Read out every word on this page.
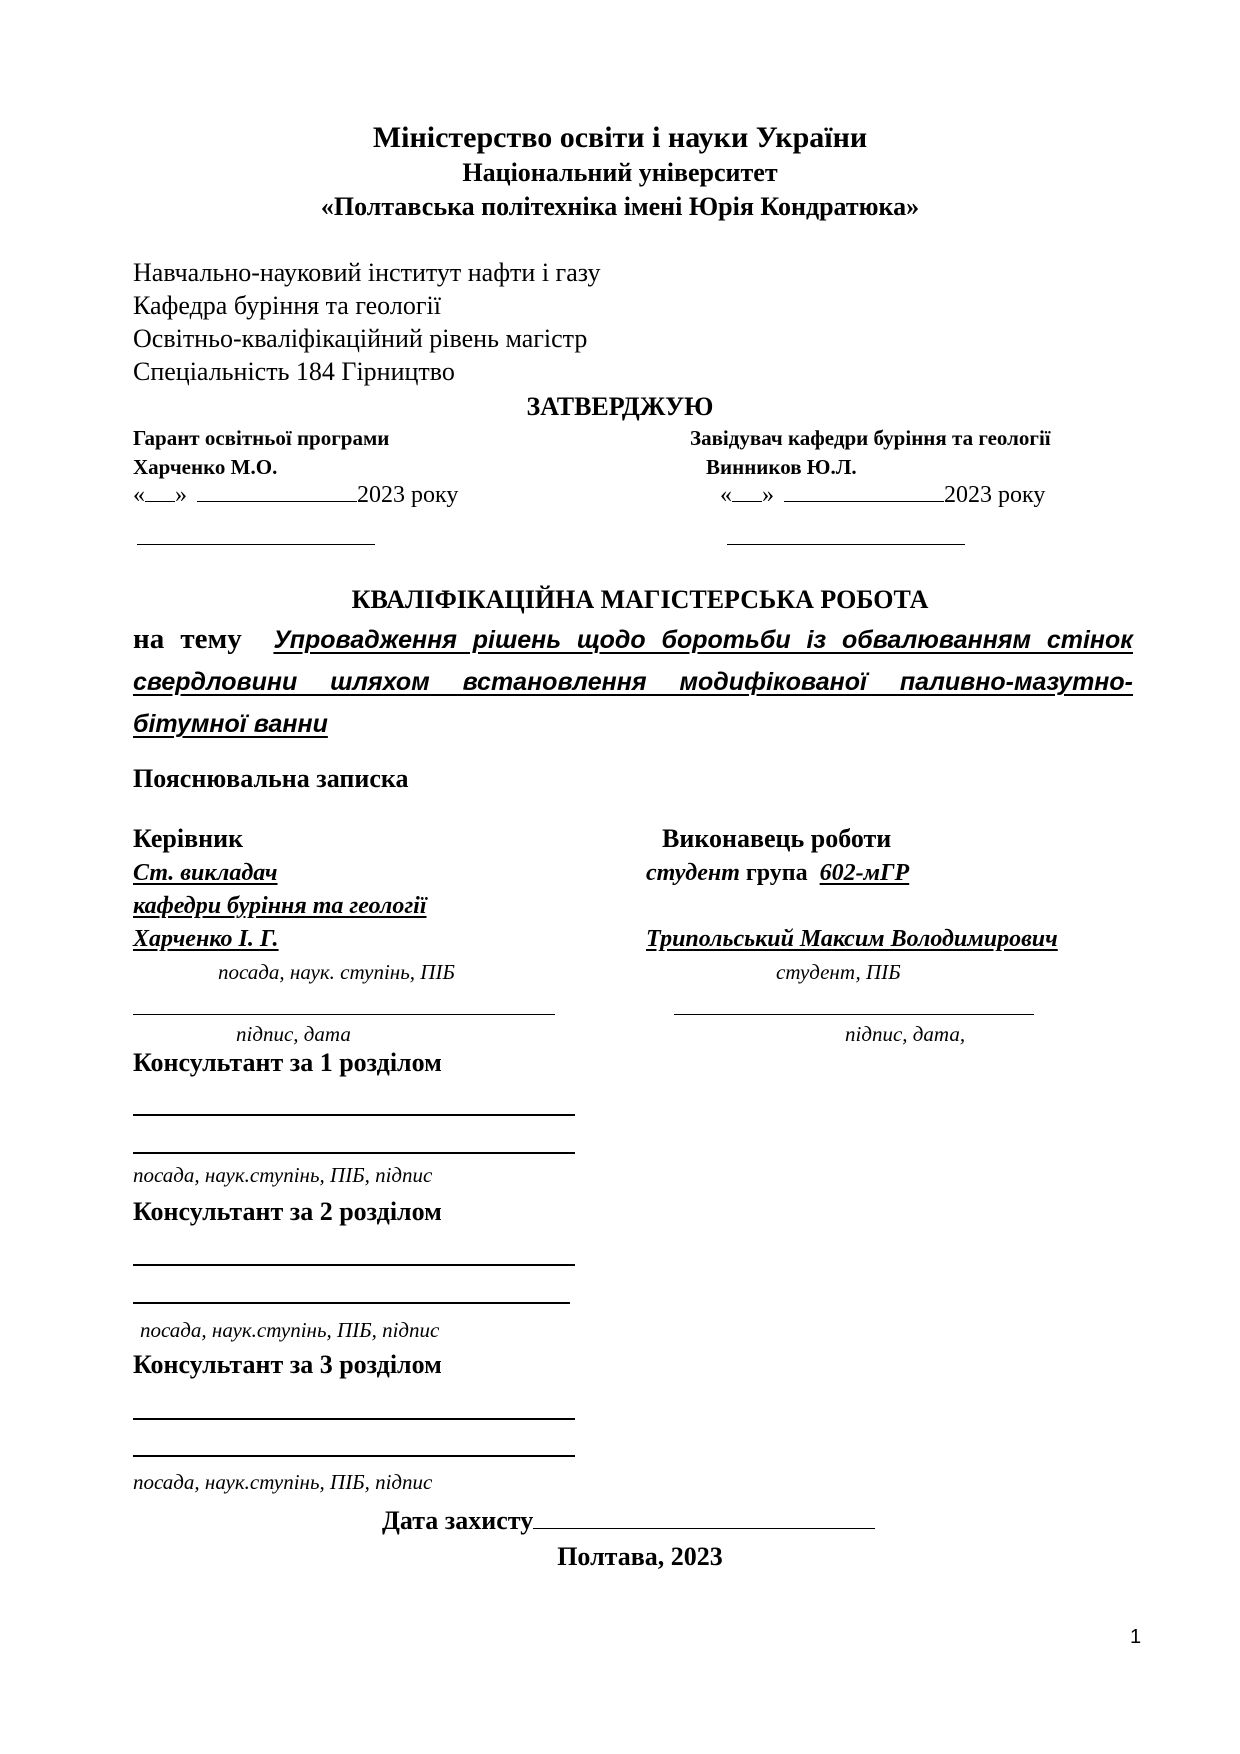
Міністерство освіти і науки України
Національний університет
«Полтавська політехніка імені Юрія Кондратюка»
Навчально-науковий інститут нафти і газу
Кафедра буріння та геології
Освітньо-кваліфікаційний рівень магістр
Спеціальність 184 Гірництво
ЗАТВЕРДЖУЮ
Гарант освітньої програми
Харченко М.О.
« »	2023 року
Завідувач кафедри буріння та геології
Винников Ю.Л.
« »	2023 року
КВАЛІФІКАЦІЙНА МАГІСТЕРСЬКА РОБОТА
на тему Упровадження рішень щодо боротьби із обвалюванням стінок свердловини шляхом встановлення модифікованої паливно-мазутно-бітумної ванни
Пояснювальна записка
Керівник
Ст. викладач
кафедри буріння та геології
Харченко І. Г.
посада, наук. ступінь, ПІБ
підпис, дата
Виконавець роботи
студент група 602-мГР
Трипольський Максим Володимирович
студент, ПІБ
підпис, дата,
Консультант за 1 розділом
посада, наук.ступінь, ПІБ, підпис
Консультант за 2 розділом
посада, наук.ступінь, ПІБ, підпис
Консультант за 3 розділом
посада, наук.ступінь, ПІБ, підпис
Дата захисту
Полтава, 2023
1
